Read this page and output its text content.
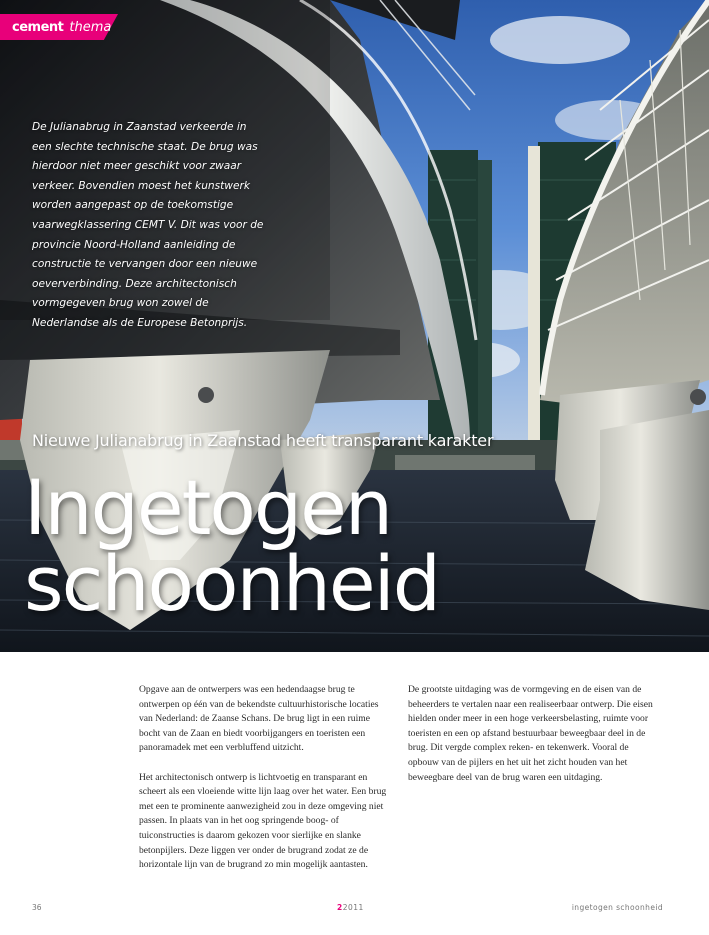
cement thema
De Julianabrug in Zaanstad verkeerde in een slechte technische staat. De brug was hierdoor niet meer geschikt voor zwaar verkeer. Bovendien moest het kunstwerk worden aangepast op de toekomstige vaarwegklassering CEMT V. Dit was voor de provincie Noord-Holland aanleiding de constructie te vervangen door een nieuwe oeververbinding. Deze architectonisch vormgegeven brug won zowel de Nederlandse als de Europese Betonprijs.
Nieuwe Julianabrug in Zaanstad heeft transparant karakter
Ingetogen
schoonheid

Opgave aan de ontwerpers was een hedendaagse brug te ontwerpen op één van de bekendste cultuurhistorische locaties van Nederland: de Zaanse Schans. De brug ligt in een ruime bocht van de Zaan en biedt voorbijgangers en toeristen een panoramadek met een verbluffend uitzicht.

Het architectonisch ontwerp is lichtvoetig en transparant en scheert als een vloeiende witte lijn laag over het water. Een brug met een te prominente aanwezigheid zou in deze omgeving niet passen. In plaats van in het oog springende boog- of tuiconstructies is daarom gekozen voor sierlijke en slanke betonpijlers. Deze liggen ver onder de brugrand zodat ze de horizontale lijn van de brugrand zo min mogelijk aantasten.

De grootste uitdaging was de vormgeving en de eisen van de beheerders te vertalen naar een realiseerbaar ontwerp. Die eisen hielden onder meer in een hoge verkeersbelasting, ruimte voor toeristen en een op afstand bestuurbaar beweegbaar deel in de brug. Dit vergde complex reken- en tekenwerk. Vooral de opbouw van de pijlers en het uit het zicht houden van het beweegbare deel van de brug waren een uitdaging.

36	22011	ingetogen schoonheid
